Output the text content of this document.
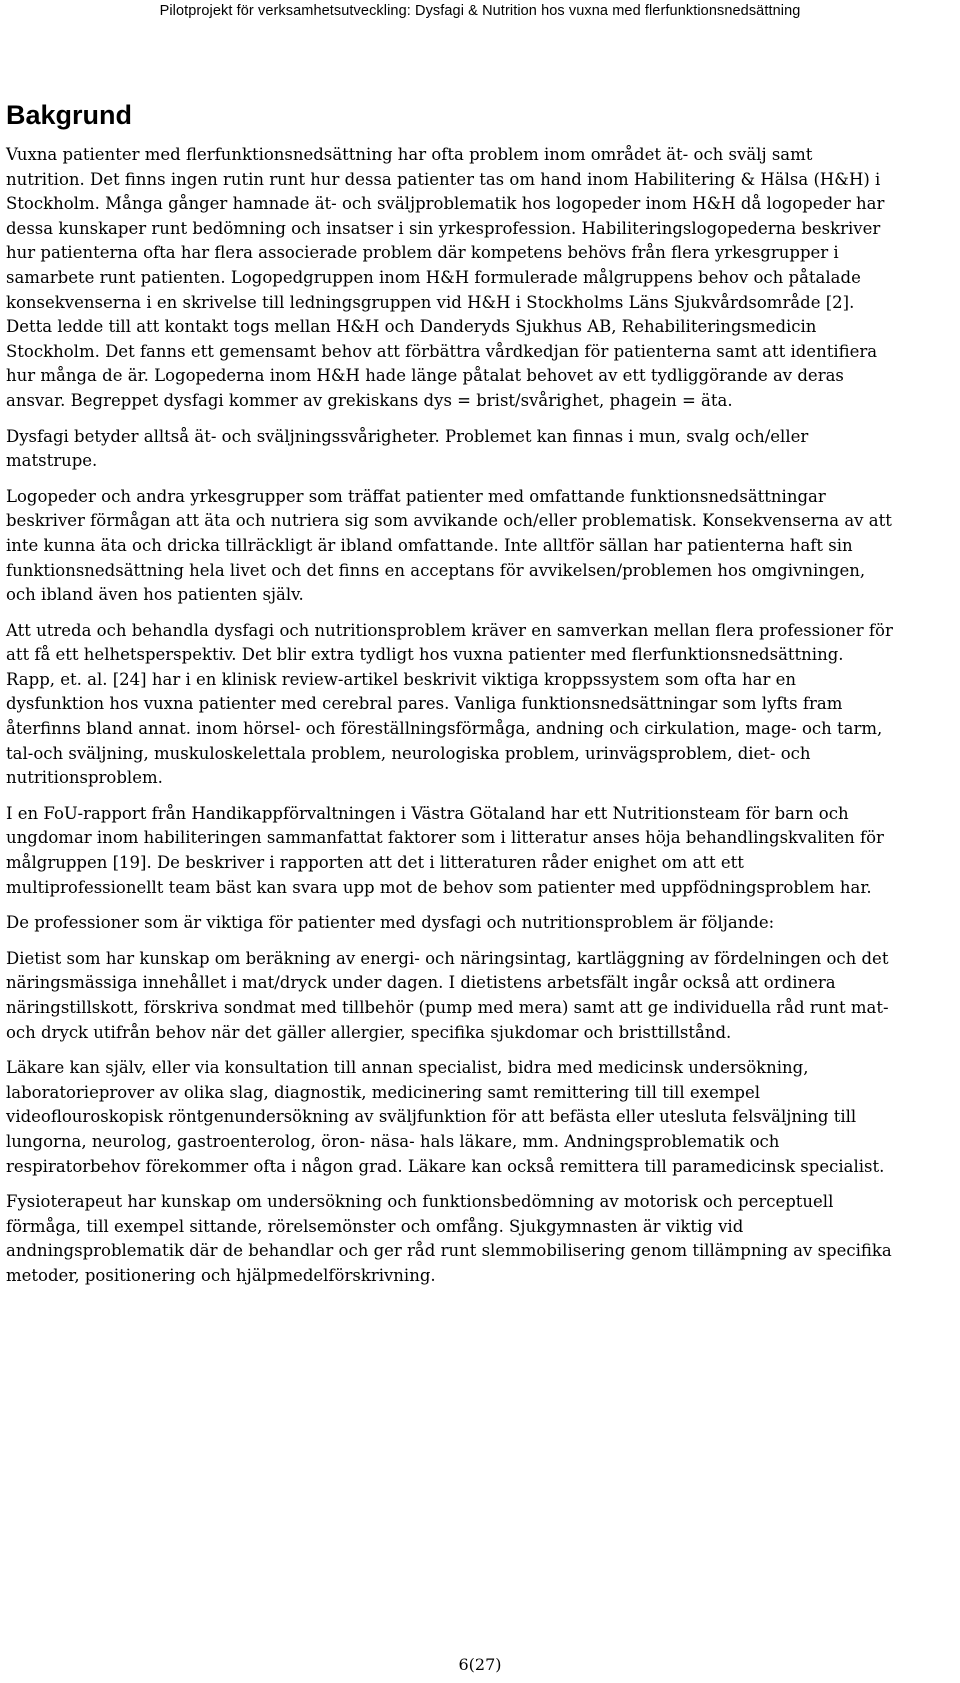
Pilotprojekt för verksamhetsutveckling: Dysfagi & Nutrition hos vuxna med flerfunktionsnedsättning
Bakgrund

Vuxna patienter med flerfunktionsnedsättning har ofta problem inom området ät- och svälj samt nutrition. Det finns ingen rutin runt hur dessa patienter tas om hand inom Habilitering & Hälsa (H&H) i Stockholm. Många gånger hamnade ät- och sväljproblematik hos logopeder inom H&H då logopeder har dessa kunskaper runt bedömning och insatser i sin yrkesprofession. Habiliteringslogopederna beskriver hur patienterna ofta har flera associerade problem där kompetens behövs från flera yrkesgrupper i samarbete runt patienten. Logopedgruppen inom H&H formulerade målgruppens behov och påtalade konsekvenserna i en skrivelse till ledningsgruppen vid H&H i Stockholms Läns Sjukvårdsområde [2]. Detta ledde till att kontakt togs mellan H&H och Danderyds Sjukhus AB, Rehabiliteringsmedicin Stockholm. Det fanns ett gemensamt behov att förbättra vårdkedjan för patienterna samt att identifiera hur många de är. Logopederna inom H&H hade länge påtalat behovet av ett tydliggörande av deras ansvar. Begreppet dysfagi kommer av grekiskans dys = brist/svårighet, phagein = äta.

Dysfagi betyder alltså ät- och sväljningssvårigheter. Problemet kan finnas i mun, svalg och/eller matstrupe.

Logopeder och andra yrkesgrupper som träffat patienter med omfattande funktionsnedsättningar beskriver förmågan att äta och nutriera sig som avvikande och/eller problematisk. Konsekvenserna av att inte kunna äta och dricka tillräckligt är ibland omfattande. Inte alltför sällan har patienterna haft sin funktionsnedsättning hela livet och det finns en acceptans för avvikelsen/problemen hos omgivningen, och ibland även hos patienten själv.

Att utreda och behandla dysfagi och nutritionsproblem kräver en samverkan mellan flera professioner för att få ett helhetsperspektiv. Det blir extra tydligt hos vuxna patienter med flerfunktionsnedsättning. Rapp, et. al. [24] har i en klinisk review-artikel beskrivit viktiga kroppssystem som ofta har en dysfunktion hos vuxna patienter med cerebral pares. Vanliga funktionsnedsättningar som lyfts fram återfinns bland annat. inom hörsel- och föreställningsförmåga, andning och cirkulation, mage- och tarm, tal-och sväljning, muskuloskelettala problem, neurologiska problem, urinvägsproblem, diet- och nutritionsproblem.

I en FoU-rapport från Handikappförvaltningen i Västra Götaland har ett Nutritionsteam för barn och ungdomar inom habiliteringen sammanfattat faktorer som i litteratur anses höja behandlingskvaliten för målgruppen [19]. De beskriver i rapporten att det i litteraturen råder enighet om att ett multiprofessionellt team bäst kan svara upp mot de behov som patienter med uppfödningsproblem har.

De professioner som är viktiga för patienter med dysfagi och nutritionsproblem är följande:

Dietist som har kunskap om beräkning av energi- och näringsintag, kartläggning av fördelningen och det näringsmässiga innehållet i mat/dryck under dagen. I dietistens arbetsfält ingår också att ordinera näringstillskott, förskriva sondmat med tillbehör (pump med mera) samt att ge individuella råd runt mat- och dryck utifrån behov när det gäller allergier, specifika sjukdomar och bristtillstånd.

Läkare kan själv, eller via konsultation till annan specialist, bidra med medicinsk undersökning, laboratorieprover av olika slag, diagnostik, medicinering samt remittering till till exempel videoflouroskopisk röntgenundersökning av sväljfunktion för att befästa eller utesluta felsväljning till lungorna, neurolog, gastroenterolog, öron- näsa- hals läkare, mm. Andningsproblematik och respiratorbehov förekommer ofta i någon grad. Läkare kan också remittera till paramedicinsk specialist.

Fysioterapeut har kunskap om undersökning och funktionsbedömning av motorisk och perceptuell förmåga, till exempel sittande, rörelsemönster och omfång. Sjukgymnasten är viktig vid andningsproblematik där de behandlar och ger råd runt slemmobilisering genom tillämpning av specifika metoder, positionering och hjälpmedelförskrivning.

6(27)
